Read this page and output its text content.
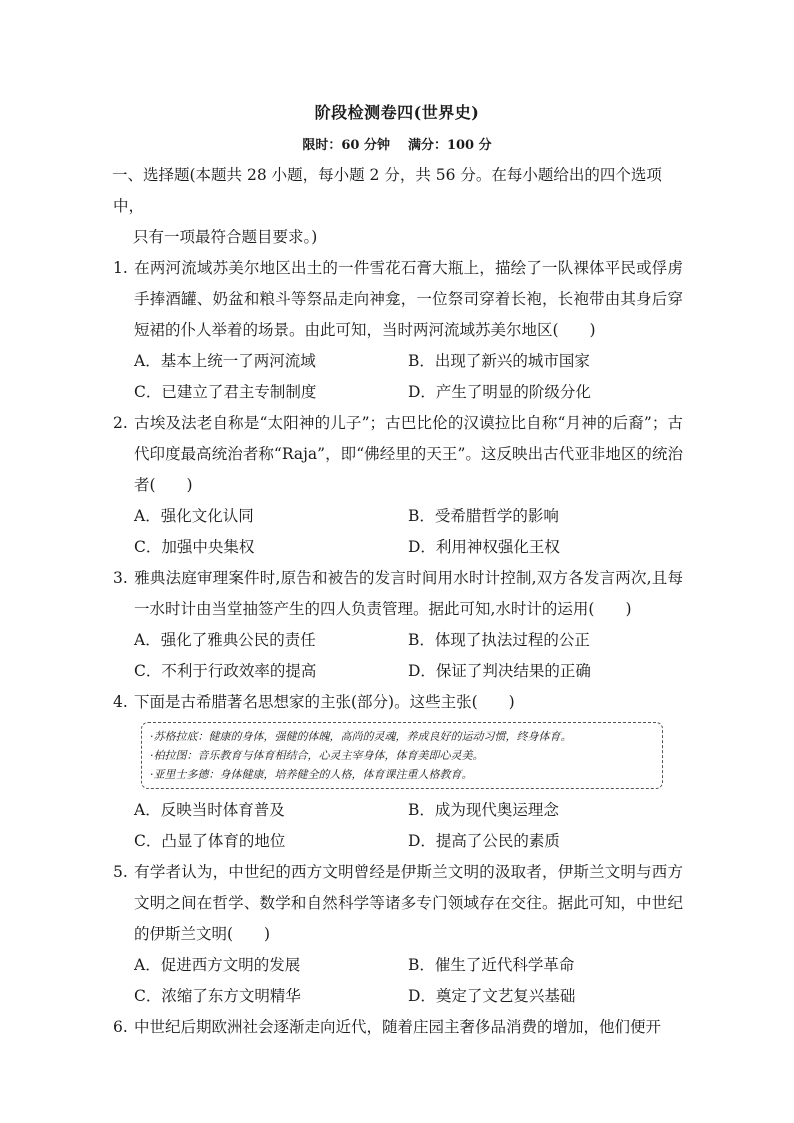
阶段检测卷四(世界史)
限时：60 分钟 满分：100 分
一、选择题(本题共 28 小题，每小题 2 分，共 56 分。在每小题给出的四个选项中，
只有一项最符合题目要求。)
1. 在两河流域苏美尔地区出土的一件雪花石膏大瓶上，描绘了一队裸体平民或俘虏手捧酒罐、奶盆和粮斗等祭品走向神龛，一位祭司穿着长袍，长袍带由其身后穿短裙的仆人举着的场景。由此可知，当时两河流域苏美尔地区(　　)
A．基本上统一了两河流域	B．出现了新兴的城市国家
C．已建立了君主专制制度	D．产生了明显的阶级分化
2. 古埃及法老自称是“太阳神的儿子”；古巴比伦的汉谟拉比自称“月神的后裔”；古代印度最高统治者称“Raja”，即“佛经里的天王”。这反映出古代亚非地区的统治者(　　)
A．强化文化认同	B．受希腊哲学的影响
C．加强中央集权	D．利用神权强化王权
3. 雅典法庭审理案件时,原告和被告的发言时间用水时计控制,双方各发言两次,且每一水时计由当堂抽签产生的四人负责管理。据此可知,水时计的运用(　　)
A．强化了雅典公民的责任	B．体现了执法过程的公正
C．不利于行政效率的提高	D．保证了判决结果的正确
4. 下面是古希腊著名思想家的主张(部分)。这些主张(　　)
·苏格拉底：健康的身体，强健的体魄，高尚的灵魂，养成良好的运动习惯，终身体育。
·柏拉图：音乐教育与体育相结合，心灵主宰身体，体育美即心灵美。
·亚里士多德：身体健康，培养健全的人格，体育课注重人格教育。
A．反映当时体育普及	B．成为现代奥运理念
C．凸显了体育的地位	D．提高了公民的素质
5. 有学者认为，中世纪的西方文明曾经是伊斯兰文明的汲取者，伊斯兰文明与西方文明之间在哲学、数学和自然科学等诸多专门领域存在交往。据此可知，中世纪的伊斯兰文明(　　)
A．促进西方文明的发展	B．催生了近代科学革命
C．浓缩了东方文明精华	D．奠定了文艺复兴基础
6. 中世纪后期欧洲社会逐渐走向近代，随着庄园主奢侈品消费的增加，他们便开
